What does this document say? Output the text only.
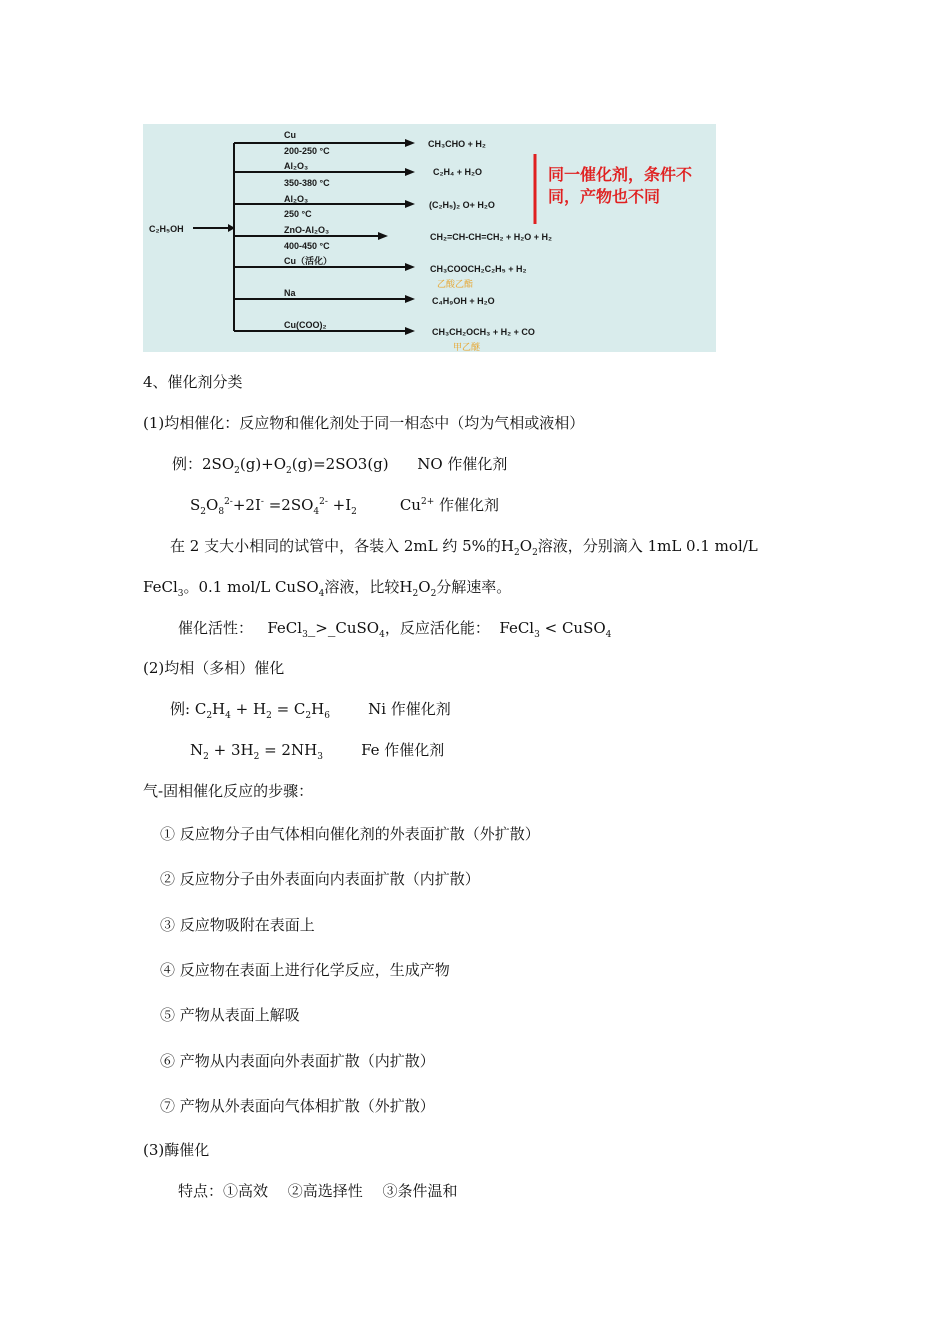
C₂H₅OH
Cu
200-250 °C
CH₃CHO + H₂
Al₂O₃
350-380 °C
C₂H₄ + H₂O
Al₂O₃
250 °C
(C₂H₅)₂ O+ H₂O
ZnO-Al₂O₃
400-450 °C
CH₂=CH-CH=CH₂ + H₂O + H₂
Cu（活化）
CH₃COOCH₂C₂H₅ + H₂
乙酸乙酯
Na
C₄H₉OH + H₂O
Cu(COO)₂
CH₃CH₂OCH₃ + H₂ + CO
甲乙醚
同一催化剂，条件不同，产物也不同
4、催化剂分类
(1)均相催化：反应物和催化剂处于同一相态中（均为气相或液相）
例：$2SO_2(g)+O_2(g)=2SO3(g)$      NO 作催化剂
$S_2O_8^{2-}+2I^- =2SO_4^{2-} +I_2$         $Cu^{2+}$ 作催化剂
在 2 支大小相同的试管中，各装入 2mL 约 5%的$H_2O_2$溶液，分别滴入 1mL 0.1 mol/L
FeCl$_3$。0.1 mol/L CuSO$_4$溶液，比较$H_2O_2$分解速率。
催化活性：   FeCl$_3$_>_CuSO$_4$，反应活化能：  FeCl$_3$ < CuSO$_4$
(2)均相（多相）催化
例: $C_2H_4 + H_2 = C_2H_6$	Ni 作催化剂
$N_2 + 3H_2 = 2NH_3$	Fe 作催化剂
气-固相催化反应的步骤：
① 反应物分子由气体相向催化剂的外表面扩散（外扩散）
② 反应物分子由外表面向内表面扩散（内扩散）
③ 反应物吸附在表面上
④ 反应物在表面上进行化学反应，生成产物
⑤ 产物从表面上解吸
⑥ 产物从内表面向外表面扩散（内扩散）
⑦ 产物从外表面向气体相扩散（外扩散）
(3)酶催化
特点：①高效　 ②高选择性　 ③条件温和
